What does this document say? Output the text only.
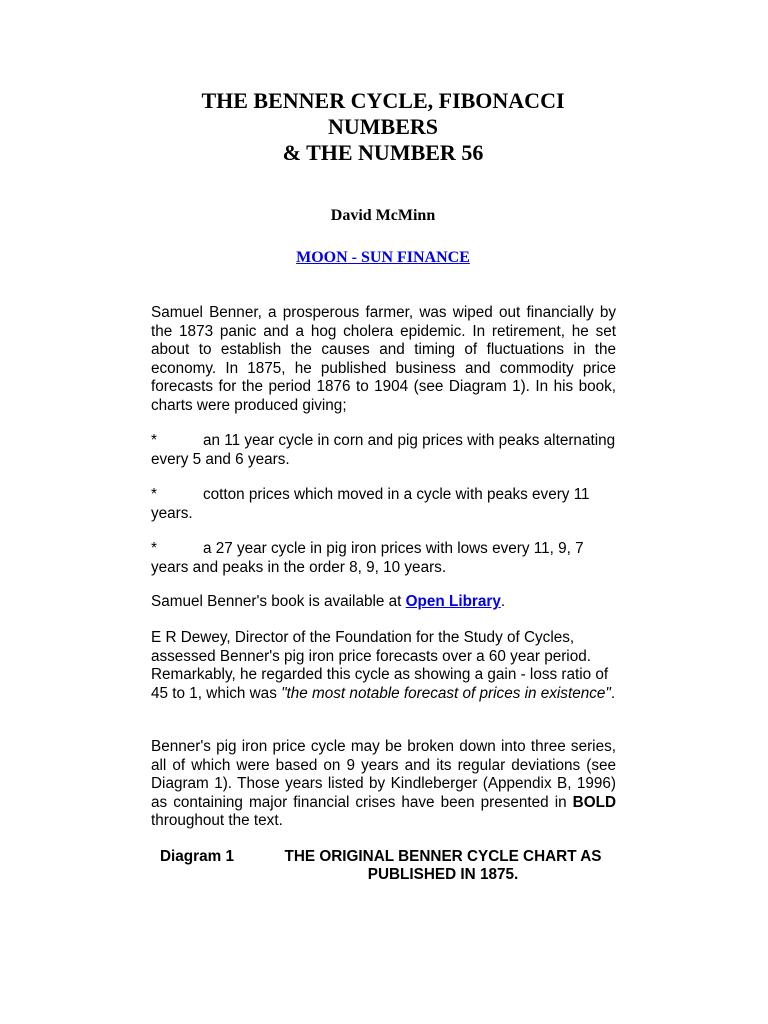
THE BENNER CYCLE, FIBONACCI
NUMBERS
& THE NUMBER 56

David McMinn

MOON - SUN FINANCE

Samuel Benner, a prosperous farmer, was wiped out financially by the 1873 panic and a hog cholera epidemic. In retirement, he set about to establish the causes and timing of fluctuations in the economy. In 1875, he published business and commodity price forecasts for the period 1876 to 1904 (see Diagram 1). In his book, charts were produced giving;

*	an 11 year cycle in corn and pig prices with peaks alternating every 5 and 6 years.

*	cotton prices which moved in a cycle with peaks every 11 years.

*	a 27 year cycle in pig iron prices with lows every 11, 9, 7 years and peaks in the order 8, 9, 10 years.

Samuel Benner's book is available at Open Library.

E R Dewey, Director of the Foundation for the Study of Cycles, assessed Benner's pig iron price forecasts over a 60 year period. Remarkably, he regarded this cycle as showing a gain - loss ratio of 45 to 1, which was "the most notable forecast of prices in existence".

Benner's pig iron price cycle may be broken down into three series, all of which were based on 9 years and its regular deviations (see Diagram 1). Those years listed by Kindleberger (Appendix B, 1996) as containing major financial crises have been presented in BOLD throughout the text.

Diagram 1	THE ORIGINAL BENNER CYCLE CHART AS
PUBLISHED IN 1875.
